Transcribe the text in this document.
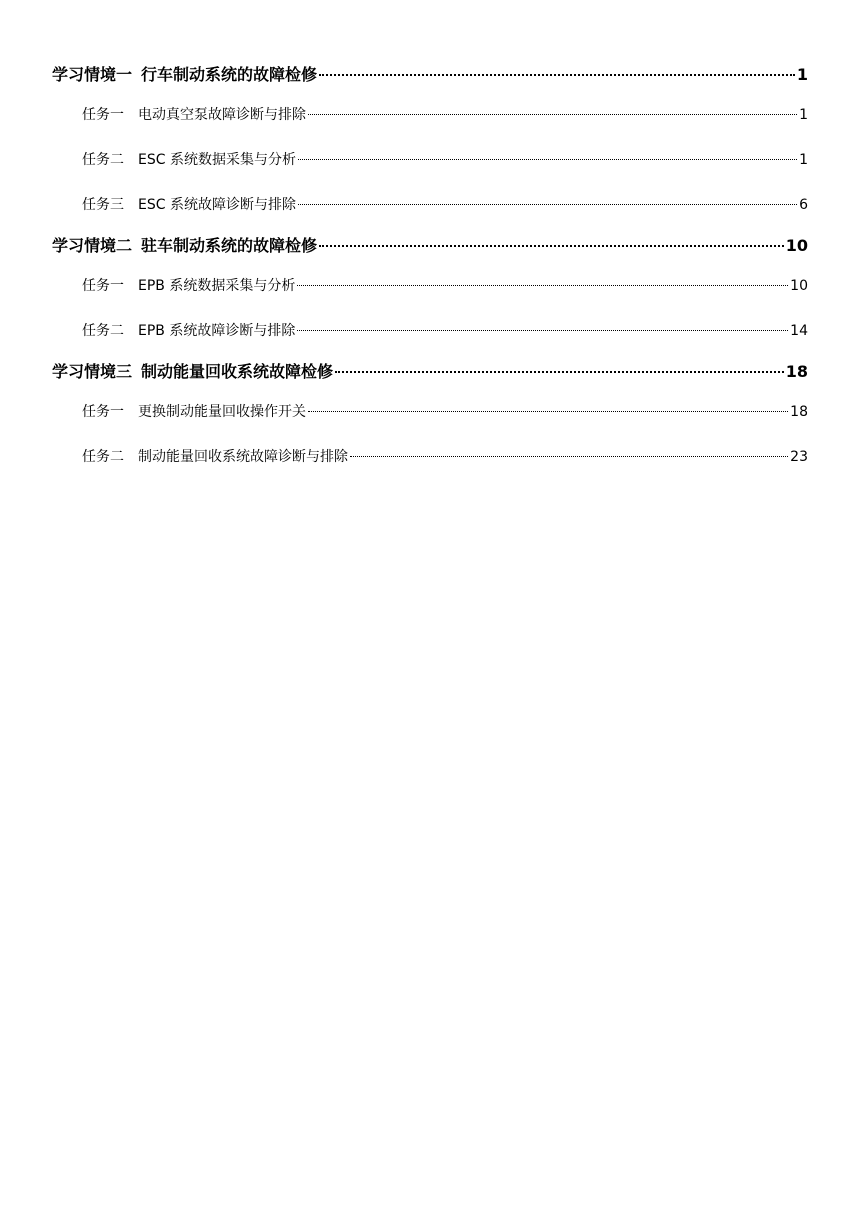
学习情境一 行车制动系统的故障检修	1
任务一 电动真空泵故障诊断与排除	1
任务二 ESC 系统数据采集与分析	1
任务三 ESC 系统故障诊断与排除	6
学习情境二 驻车制动系统的故障检修	10
任务一 EPB 系统数据采集与分析	10
任务二 EPB 系统故障诊断与排除	14
学习情境三 制动能量回收系统故障检修	18
任务一 更换制动能量回收操作开关	18
任务二 制动能量回收系统故障诊断与排除	23
